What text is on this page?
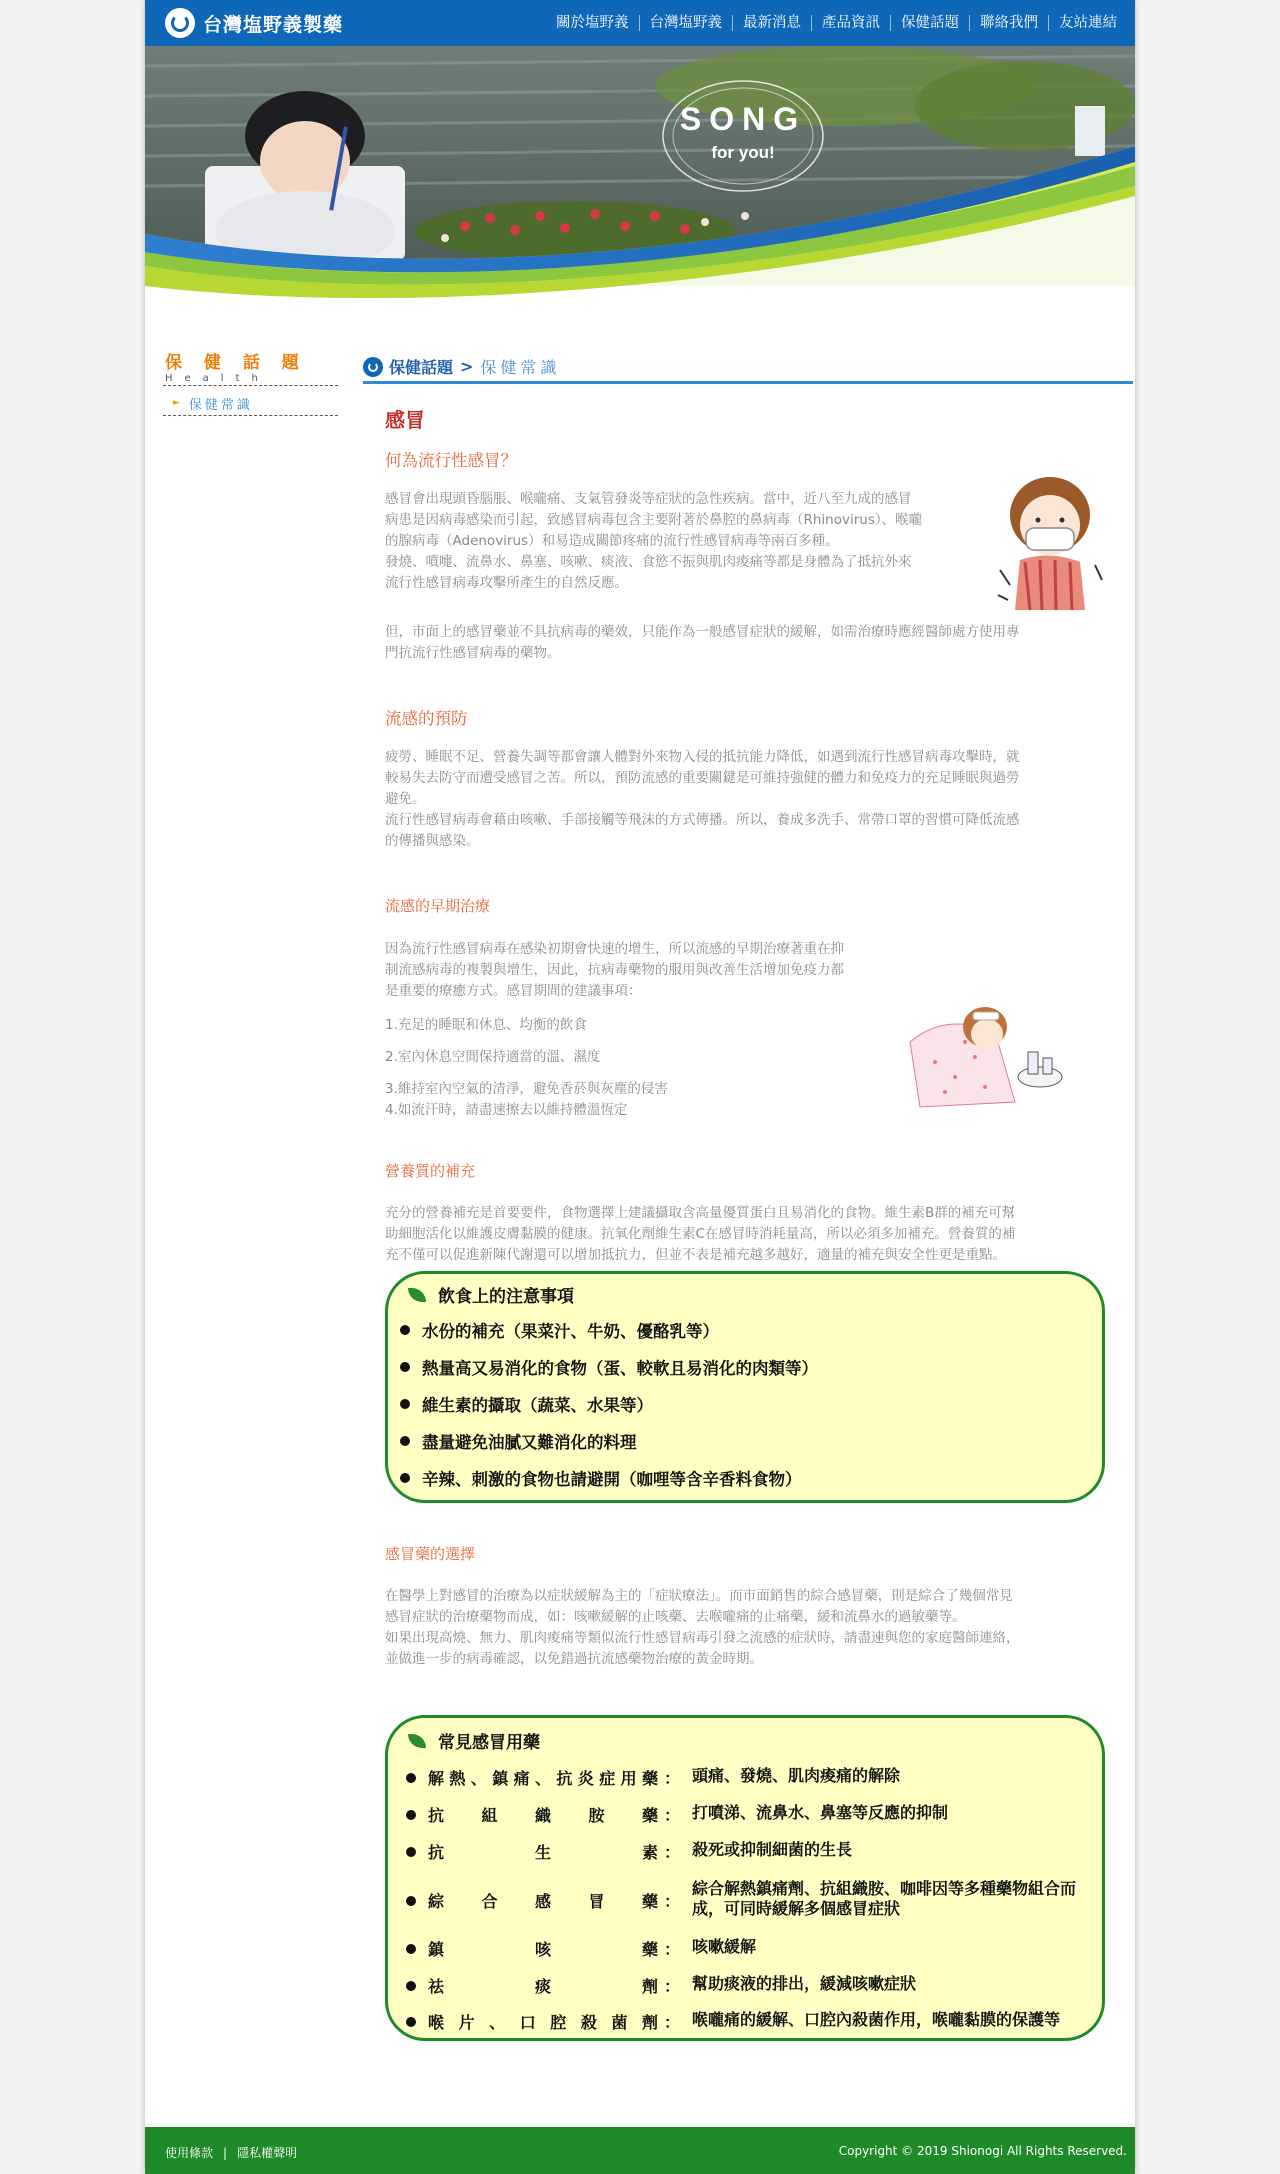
台灣塩野義製藥	關於塩野義	台灣塩野義	最新消息	產品資訊	保健話題	聯絡我們	友站連結
SONG
for you!
保 健 話 題
Health
► 保健常識
保健話題 > 保健常識
感冒
何為流行性感冒？

感冒會出現頭昏腦脹、喉嚨痛、支氣管發炎等症狀的急性疾病。當中，近八至九成的感冒

病患是因病毒感染而引起，致感冒病毒包含主要附著於鼻腔的鼻病毒（Rhinovirus）、喉嚨

的腺病毒（Adenovirus）和易造成關節疼痛的流行性感冒病毒等兩百多種。

發燒、噴嚏、流鼻水、鼻塞、咳嗽、痰液、食慾不振與肌肉痠痛等都是身體為了抵抗外來

流行性感冒病毒攻擊所產生的自然反應。

但，市面上的感冒藥並不具抗病毒的藥效，只能作為一般感冒症狀的緩解，如需治療時應經醫師處方使用專

門抗流行性感冒病毒的藥物。

流感的預防

疲勞、睡眠不足、營養失調等都會讓人體對外來物入侵的抵抗能力降低，如遇到流行性感冒病毒攻擊時，就

較易失去防守而遭受感冒之苦。所以，預防流感的重要關鍵是可維持強健的體力和免疫力的充足睡眠與過勞

避免。

流行性感冒病毒會藉由咳嗽、手部接觸等飛沫的方式傳播。所以，養成多洗手、常帶口罩的習慣可降低流感

的傳播與感染。

流感的早期治療

因為流行性感冒病毒在感染初期會快速的增生，所以流感的早期治療著重在抑

制流感病毒的複製與增生，因此，抗病毒藥物的服用與改善生活增加免疫力都

是重要的療癒方式。感冒期間的建議事項：

1.充足的睡眠和休息、均衡的飲食
2.室內休息空間保持適當的溫、濕度
3.維持室內空氣的清淨，避免香菸與灰塵的侵害
4.如流汗時，請盡速擦去以維持體溫恆定
營養質的補充

充分的營養補充是首要要件，食物選擇上建議攝取含高量優質蛋白且易消化的食物。維生素B群的補充可幫

助細胞活化以維護皮膚黏膜的健康。抗氧化劑維生素C在感冒時消耗量高，所以必須多加補充。營養質的補

充不僅可以促進新陳代謝還可以增加抵抗力，但並不表是補充越多越好，適量的補充與安全性更是重點。

飲食上的注意事項
水份的補充（果菜汁、牛奶、優酪乳等）
熱量高又易消化的食物（蛋、較軟且易消化的肉類等）
維生素的攝取（蔬菜、水果等）
盡量避免油膩又難消化的料理
辛辣、刺激的食物也請避開（咖哩等含辛香料食物）
感冒藥的選擇

在醫學上對感冒的治療為以症狀緩解為主的「症狀療法」。而市面銷售的綜合感冒藥，則是綜合了幾個常見

感冒症狀的治療藥物而成，如：咳嗽緩解的止咳藥、去喉嚨痛的止痛藥，緩和流鼻水的過敏藥等。

如果出現高燒、無力、肌肉痠痛等類似流行性感冒病毒引發之流感的症狀時，請盡速與您的家庭醫師連絡，

並做進一步的病毒確認，以免錯過抗流感藥物治療的黃金時期。

常見感冒用藥
解熱、鎮痛、抗炎症用藥 ： 頭痛、發燒、肌肉痠痛的解除
抗組織胺藥 ： 打噴涕、流鼻水、鼻塞等反應的抑制
抗生素 ： 殺死或抑制細菌的生長
綜合感冒藥 ：
綜合解熱鎮痛劑、抗組織胺、咖啡因等多種藥物組合而成，可同時緩解多個感冒症狀
鎮咳藥 ： 咳嗽緩解
祛痰劑 ： 幫助痰液的排出，緩減咳嗽症狀
喉片、口腔殺菌劑 ： 喉嚨痛的緩解、口腔內殺菌作用，喉嚨黏膜的保護等
使用條款 | 隱私權聲明	Copyright © 2019 Shionogi All Rights Reserved.
